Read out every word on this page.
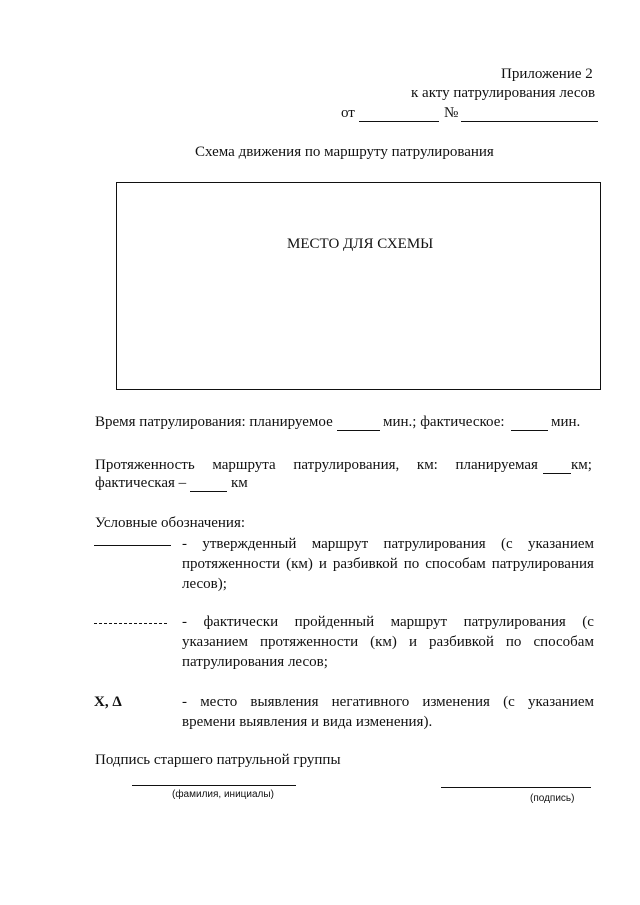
Приложение 2
к акту патрулирования лесов
от	№
Схема движения по маршруту патрулирования
МЕСТО ДЛЯ СХЕМЫ
Время патрулирования: планируемое	мин.; фактическое:	мин.
Протяженность маршрута патрулирования, км: планируемая км;
фактическая –	км
Условные обозначения:
- утвержденный маршрут патрулирования (с указанием
протяженности (км) и разбивкой по способам патрулирования
лесов);
- фактически пройденный маршрут патрулирования (с
указанием протяженности (км) и разбивкой по способам
патрулирования лесов;
X, Δ	- место выявления негативного изменения (с указанием
времени выявления и вида изменения).
Подпись старшего патрульной группы
(фамилия, инициалы)	(подпись)
